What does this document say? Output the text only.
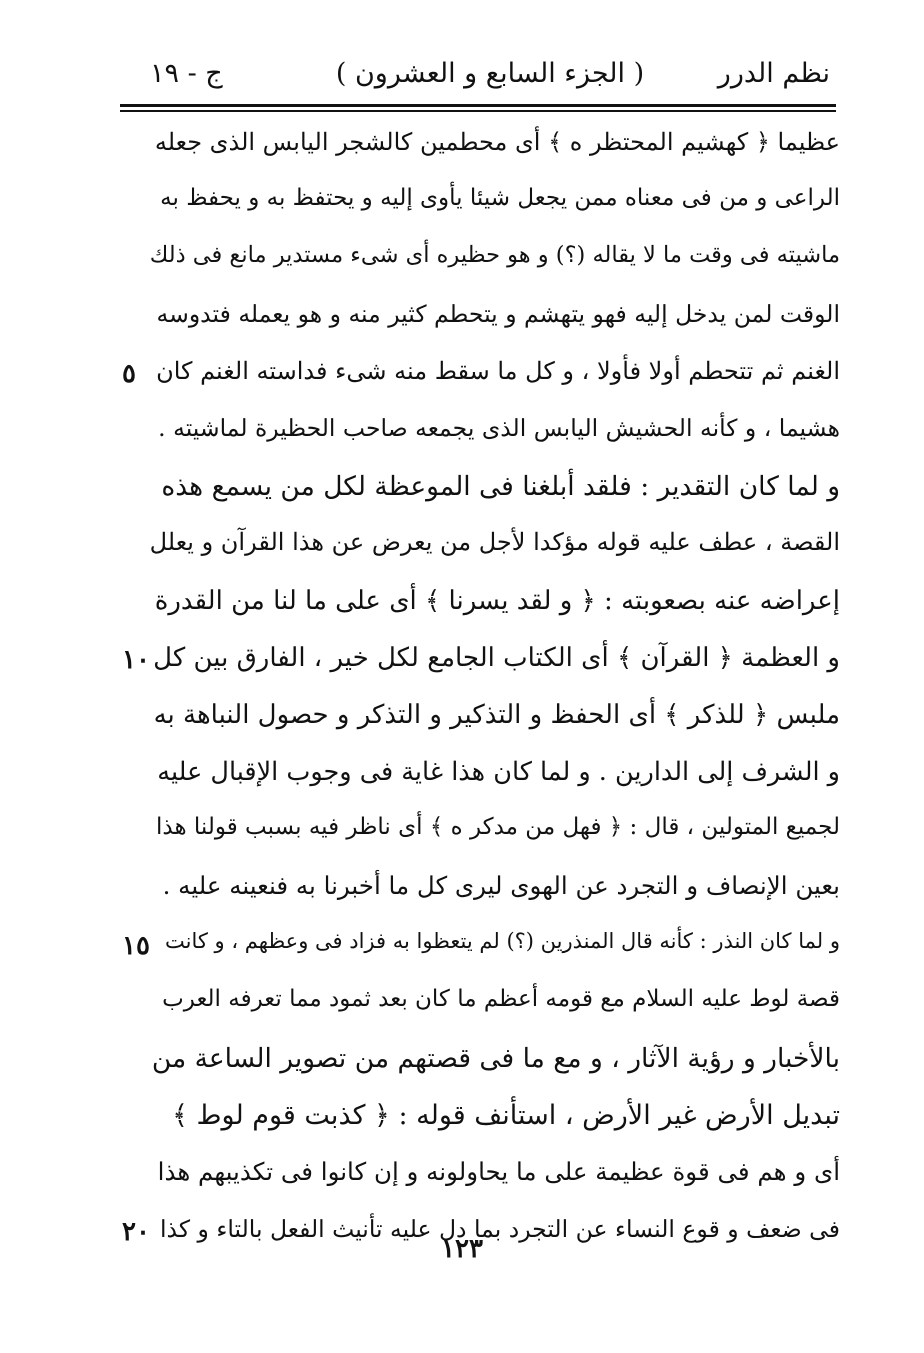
نظم الدرر
( الجزء السابع و العشرون )
ج - ١٩
عظيما ﴿ كهشيم المحتظر ه ﴾ أى محطمين كالشجر اليابس الذى جعله
الراعى و من فى معناه ممن يجعل شيئا يأوى إليه و يحتفظ به و يحفظ به
ماشيته فى وقت ما لا يقاله (؟) و هو حظيره أى شىء مستدير مانع فى ذلك
الوقت لمن يدخل إليه فهو يتهشم و يتحطم كثير منه و هو يعمله فتدوسه
الغنم ثم تتحطم أولا فأولا ، و كل ما سقط منه شىء فداسته الغنم كان
٥
هشيما ، و كأنه الحشيش اليابس الذى يجمعه صاحب الحظيرة لماشيته .
و لما كان التقدير : فلقد أبلغنا فى الموعظة لكل من يسمع هذه
القصة ، عطف عليه قوله مؤكدا لأجل من يعرض عن هذا القرآن و يعلل
إعراضه عنه بصعوبته : ﴿ و لقد يسرنا ﴾ أى على ما لنا من القدرة
و العظمة ﴿ القرآن ﴾ أى الكتاب الجامع لكل خير ، الفارق بين كل
١٠
ملبس ﴿ للذكر ﴾ أى الحفظ و التذكير و التذكر و حصول النباهة به
و الشرف إلى الدارين . و لما كان هذا غاية فى وجوب الإقبال عليه
لجميع المتولين ، قال : ﴿ فهل من مدكر ه ﴾ أى ناظر فيه بسبب قولنا هذا
بعين الإنصاف و التجرد عن الهوى ليرى كل ما أخبرنا به فنعينه عليه .
و لما كان النذر : كأنه قال المنذرين (؟) لم يتعظوا به فزاد فى وعظهم ، و كانت
١٥
قصة لوط عليه السلام مع قومه أعظم ما كان بعد ثمود مما تعرفه العرب
بالأخبار و رؤية الآثار ، و مع ما فى قصتهم من تصوير الساعة من
تبديل الأرض غير الأرض ، استأنف قوله : ﴿ كذبت قوم لوط ﴾
أى و هم فى قوة عظيمة على ما يحاولونه و إن كانوا فى تكذيبهم هذا
فى ضعف و قوع النساء عن التجرد بما دل عليه تأنيث الفعل بالتاء و كذا
٢٠
١٢٣
